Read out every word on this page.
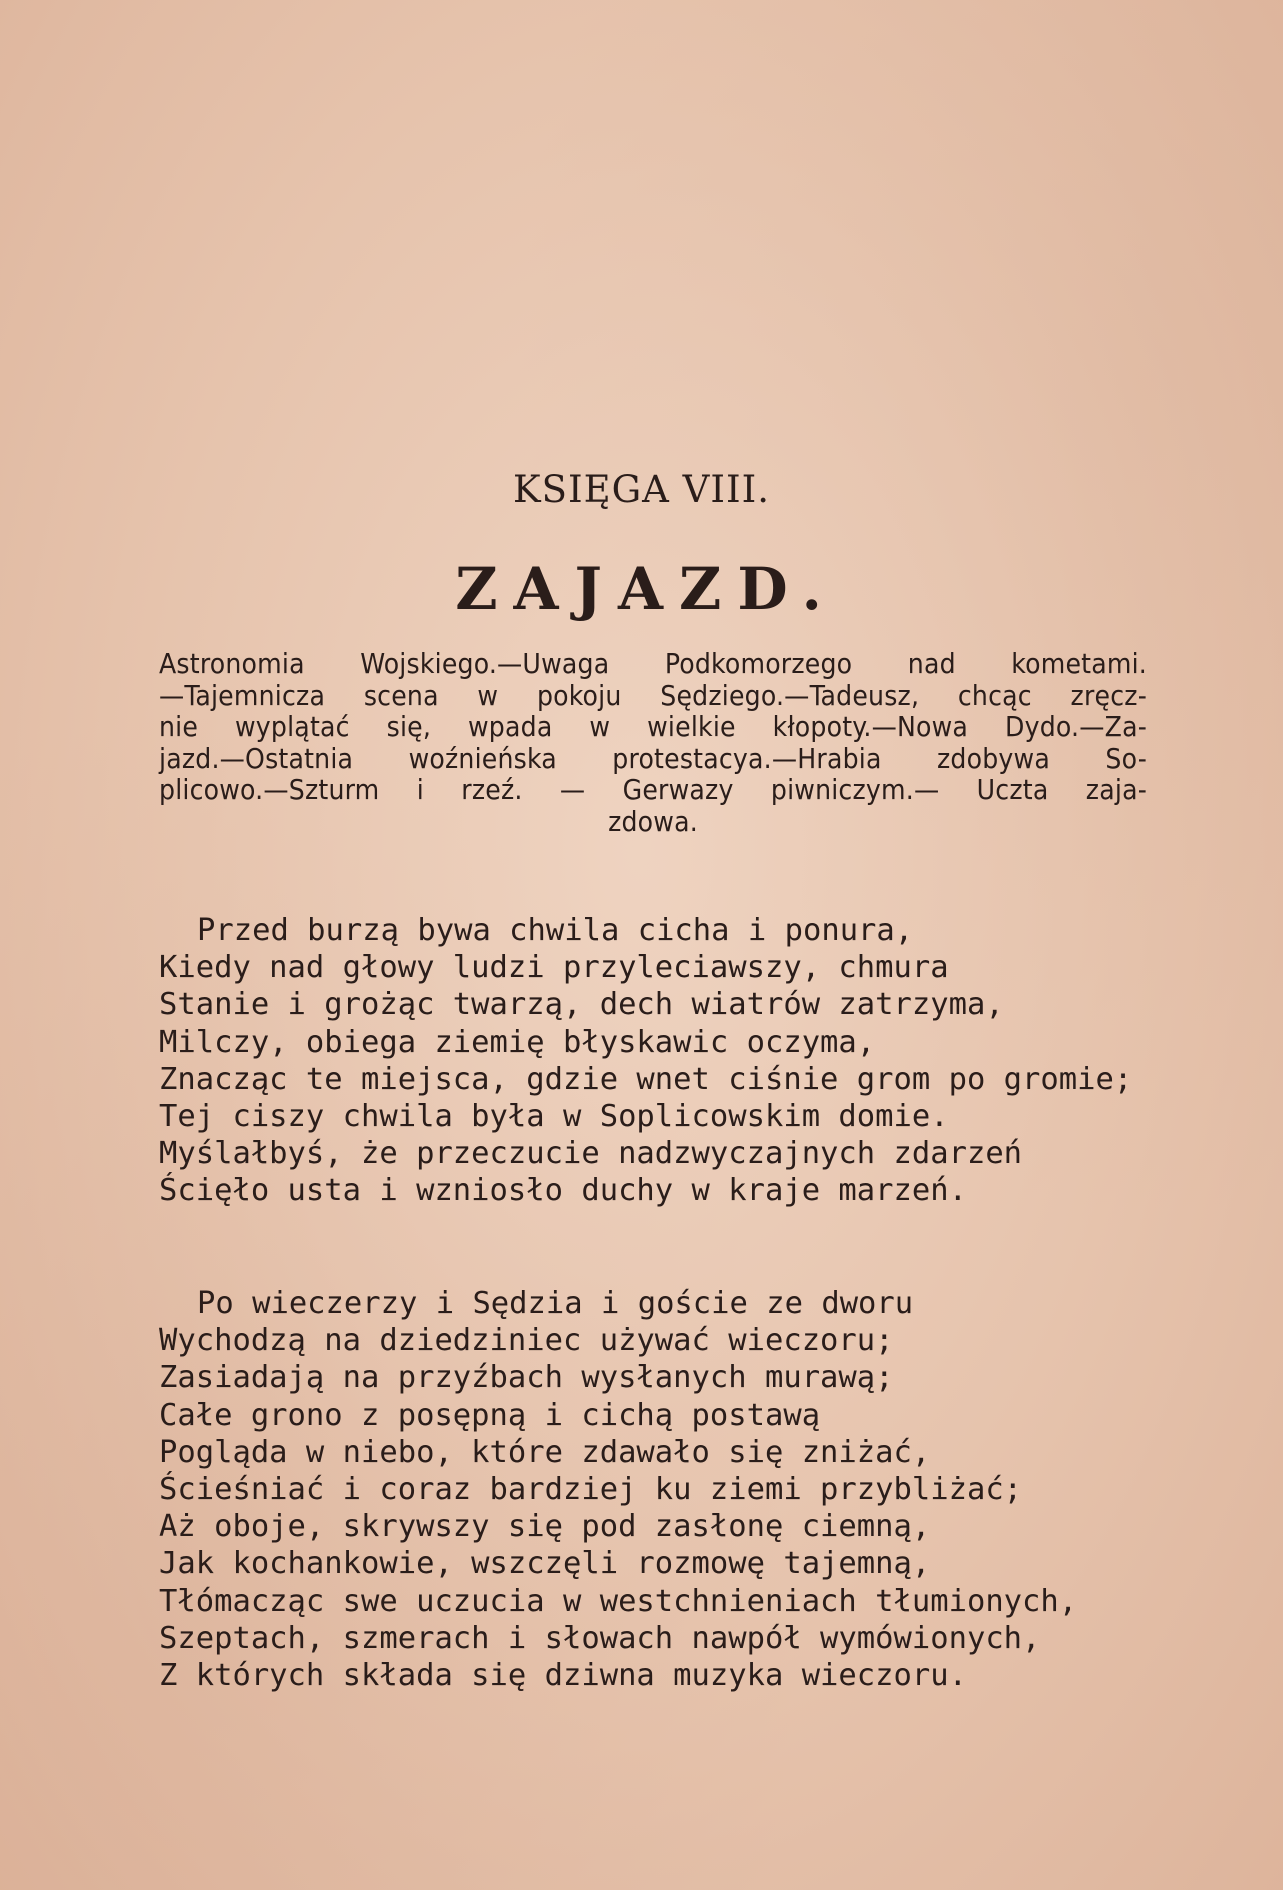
KSIĘGA VIII.
ZAJAZD.
Astronomia Wojskiego.—Uwaga Podkomorzego nad kometami.
—Tajemnicza scena w pokoju Sędziego.—Tadeusz, chcąc zręcz-
nie wyplątać się, wpada w wielkie kłopoty.—Nowa Dydo.—Za-
jazd.—Ostatnia woźnieńska protestacya.—Hrabia zdobywa So-
plicowo.—Szturm i rzeź. — Gerwazy piwniczym.— Uczta zaja-
zdowa.
Przed burzą bywa chwila cicha i ponura,
Kiedy nad głowy ludzi przyleciawszy, chmura
Stanie i grożąc twarzą, dech wiatrów zatrzyma,
Milczy, obiega ziemię błyskawic oczyma,
Znacząc te miejsca, gdzie wnet ciśnie grom po gromie;
Tej ciszy chwila była w Soplicowskim domie.
Myślałbyś, że przeczucie nadzwyczajnych zdarzeń
Ścięło usta i wzniosło duchy w kraje marzeń.
Po wieczerzy i Sędzia i goście ze dworu
Wychodzą na dziedziniec używać wieczoru;
Zasiadają na przyźbach wysłanych murawą;
Całe grono z posępną i cichą postawą
Pogląda w niebo, które zdawało się zniżać,
Ścieśniać i coraz bardziej ku ziemi przybliżać;
Aż oboje, skrywszy się pod zasłonę ciemną,
Jak kochankowie, wszczęli rozmowę tajemną,
Tłómacząc swe uczucia w westchnieniach tłumionych,
Szeptach, szmerach i słowach nawpół wymówionych,
Z których składa się dziwna muzyka wieczoru.
